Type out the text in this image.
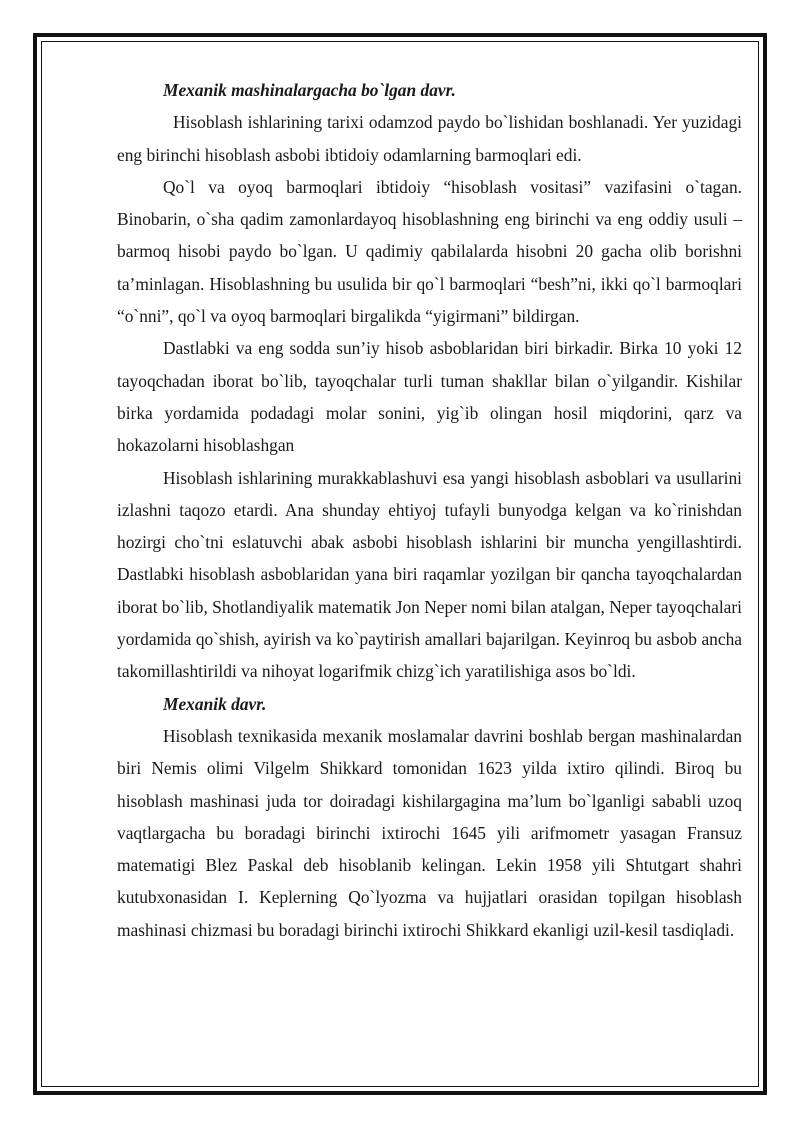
Mexanik mashinalargacha bo`lgan davr.

Hisoblash ishlarining tarixi odamzod paydo bo`lishidan boshlanadi. Yer yuzidagi eng birinchi hisoblash asbobi ibtidoiy odamlarning barmoqlari edi.

Qo`l va oyoq barmoqlari ibtidoiy “hisoblash vositasi” vazifasini o`tagan. Binobarin, o`sha qadim zamonlardayoq hisoblashning eng birinchi va eng oddiy usuli – barmoq hisobi paydo bo`lgan. U qadimiy qabilalarda hisobni 20 gacha olib borishni ta’minlagan. Hisoblashning bu usulida bir qo`l barmoqlari “besh”ni, ikki qo`l barmoqlari “o`nni”, qo`l va oyoq barmoqlari birgalikda “yigirmani” bildirgan.

Dastlabki va eng sodda sun’iy hisob asboblaridan biri birkadir. Birka 10 yoki 12 tayoqchadan iborat bo`lib, tayoqchalar turli tuman shakllar bilan o`yilgandir. Kishilar birka yordamida podadagi molar sonini, yig`ib olingan hosil miqdorini, qarz va hokazolarni hisoblashgan

Hisoblash ishlarining murakkablashuvi esa yangi hisoblash asboblari va usullarini izlashni taqozo etardi. Ana shunday ehtiyoj tufayli bunyodga kelgan va ko`rinishdan hozirgi cho`tni eslatuvchi abak asbobi hisoblash ishlarini bir muncha yengillashtirdi. Dastlabki hisoblash asboblaridan yana biri raqamlar yozilgan bir qancha tayoqchalardan iborat bo`lib, Shotlandiyalik matematik Jon Neper nomi bilan atalgan, Neper tayoqchalari yordamida qo`shish, ayirish va ko`paytirish amallari bajarilgan. Keyinroq bu asbob ancha takomillashtirildi va nihoyat logarifmik chizg`ich yaratilishiga asos bo`ldi.

Mexanik davr.

Hisoblash texnikasida mexanik moslamalar davrini boshlab bergan mashinalardan biri Nemis olimi Vilgelm Shikkard tomonidan 1623 yilda ixtiro qilindi. Biroq bu hisoblash mashinasi juda tor doiradagi kishilargagina ma’lum bo`lganligi sababli uzoq vaqtlargacha bu boradagi birinchi ixtirochi 1645 yili arifmometr yasagan Fransuz matematigi Blez Paskal deb hisoblanib kelingan. Lekin 1958 yili Shtutgart shahri kutubxonasidan I. Keplerning Qo`lyozma va hujjatlari orasidan topilgan hisoblash mashinasi chizmasi bu boradagi birinchi ixtirochi Shikkard ekanligi uzil-kesil tasdiqladi.
